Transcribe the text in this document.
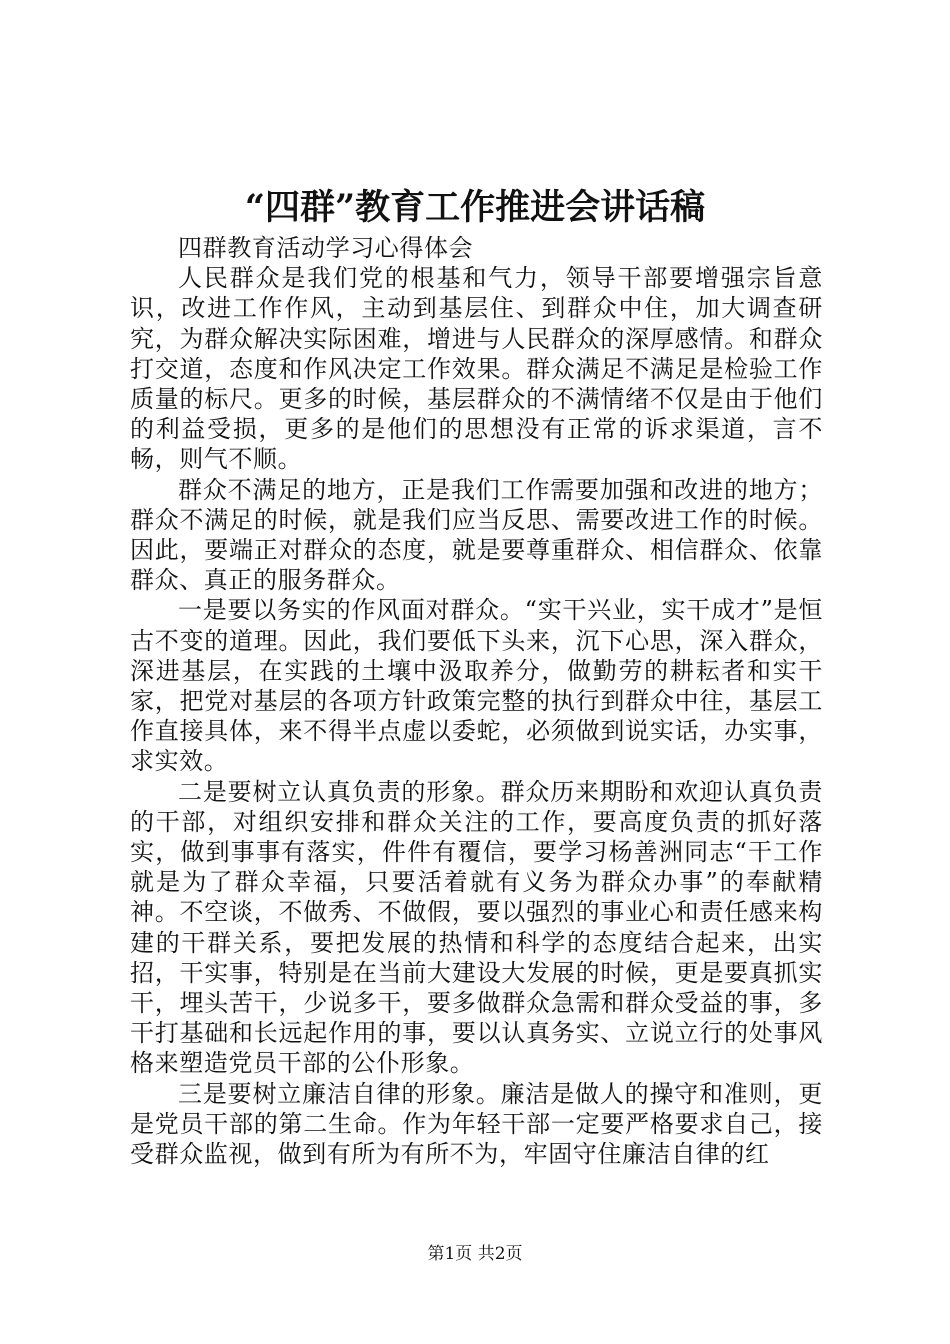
“四群”教育工作推进会讲话稿

四群教育活动学习心得体会

人民群众是我们党的根基和气力，领导干部要增强宗旨意识，改进工作作风，主动到基层住、到群众中住，加大调查研究，为群众解决实际困难，增进与人民群众的深厚感情。和群众打交道，态度和作风决定工作效果。群众满足不满足是检验工作质量的标尺。更多的时候，基层群众的不满情绪不仅是由于他们的利益受损，更多的是他们的思想没有正常的诉求渠道，言不畅，则气不顺。

群众不满足的地方，正是我们工作需要加强和改进的地方；群众不满足的时候，就是我们应当反思、需要改进工作的时候。因此，要端正对群众的态度，就是要尊重群众、相信群众、依靠群众、真正的服务群众。

一是要以务实的作风面对群众。“实干兴业，实干成才”是恒古不变的道理。因此，我们要低下头来，沉下心思，深入群众，深进基层，在实践的土壤中汲取养分，做勤劳的耕耘者和实干家，把党对基层的各项方针政策完整的执行到群众中往，基层工作直接具体，来不得半点虚以委蛇，必须做到说实话，办实事，求实效。

二是要树立认真负责的形象。群众历来期盼和欢迎认真负责的干部，对组织安排和群众关注的工作，要高度负责的抓好落实，做到事事有落实，件件有覆信，要学习杨善洲同志“干工作就是为了群众幸福，只要活着就有义务为群众办事”的奉献精神。不空谈，不做秀、不做假，要以强烈的事业心和责任感来构建的干群关系，要把发展的热情和科学的态度结合起来，出实招，干实事，特别是在当前大建设大发展的时候，更是要真抓实干，埋头苦干，少说多干，要多做群众急需和群众受益的事，多干打基础和长远起作用的事，要以认真务实、立说立行的处事风格来塑造党员干部的公仆形象。

三是要树立廉洁自律的形象。廉洁是做人的操守和准则，更是党员干部的第二生命。作为年轻干部一定要严格要求自己，接受群众监视，做到有所为有所不为，牢固守住廉洁自律的红

第1页 共2页
